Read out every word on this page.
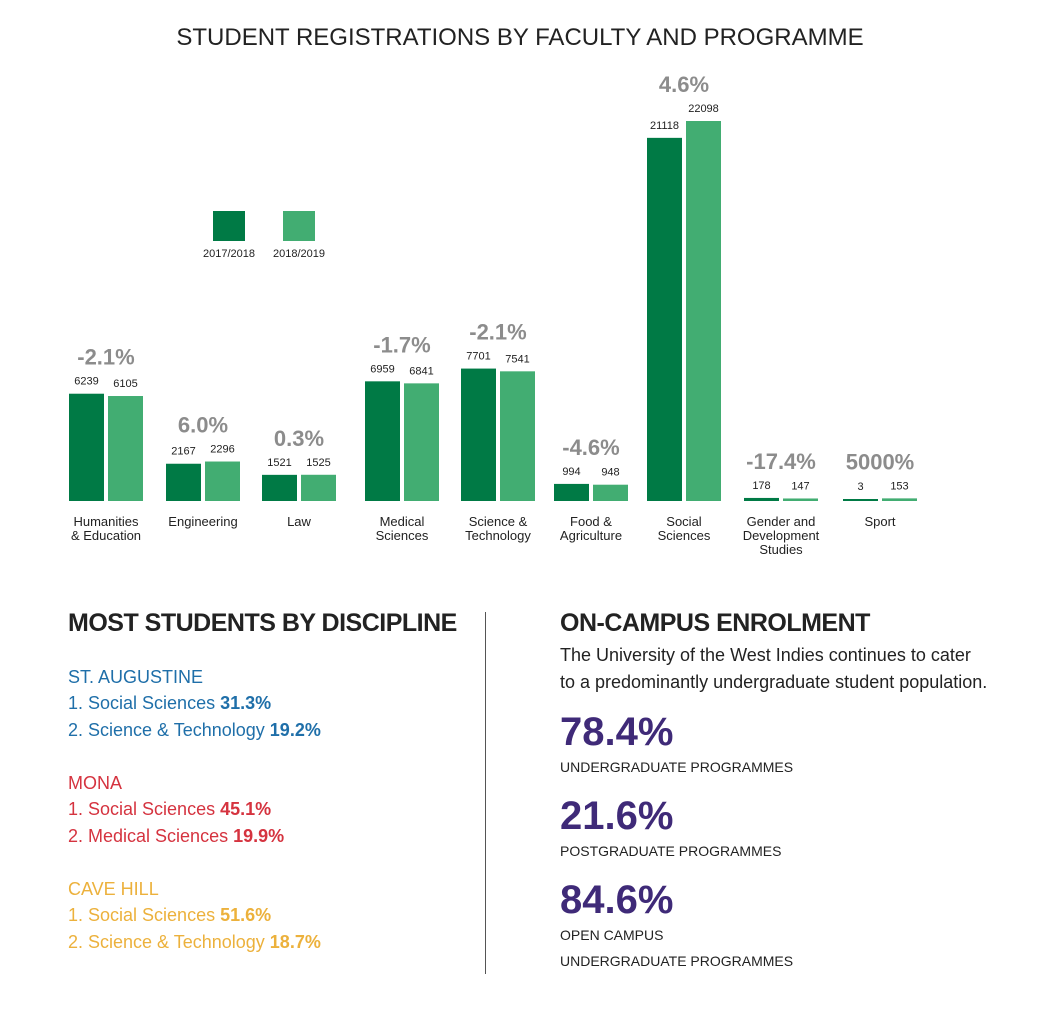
STUDENT REGISTRATIONS BY FACULTY AND PROGRAMME
2017/2018 2018/2019
6239 6105
-2.1%
Humanities
& Education
2167 2296
6.0%
Engineering
1521 1525
0.3%
Law
6959 6841
-1.7%
Medical
Sciences
7701 7541
-2.1%
Science &
Technology
994 948
-4.6%
Food &
Agriculture
21118
22098
4.6%
Social
Sciences
178 147
-17.4%
Gender and
Development
Studies
3 153
5000%
Sport
MOST STUDENTS BY DISCIPLINE
ST. AUGUSTINE
1. Social Sciences 31.3%
2. Science & Technology 19.2%
MONA
1. Social Sciences 45.1%
2. Medical Sciences 19.9%
CAVE HILL
1. Social Sciences 51.6%
2. Science & Technology 18.7%
ON-CAMPUS ENROLMENT
The University of the West Indies continues to cater
to a predominantly undergraduate student population.
78.4%
UNDERGRADUATE PROGRAMMES
21.6%
POSTGRADUATE PROGRAMMES
84.6%
OPEN CAMPUS
UNDERGRADUATE PROGRAMMES
